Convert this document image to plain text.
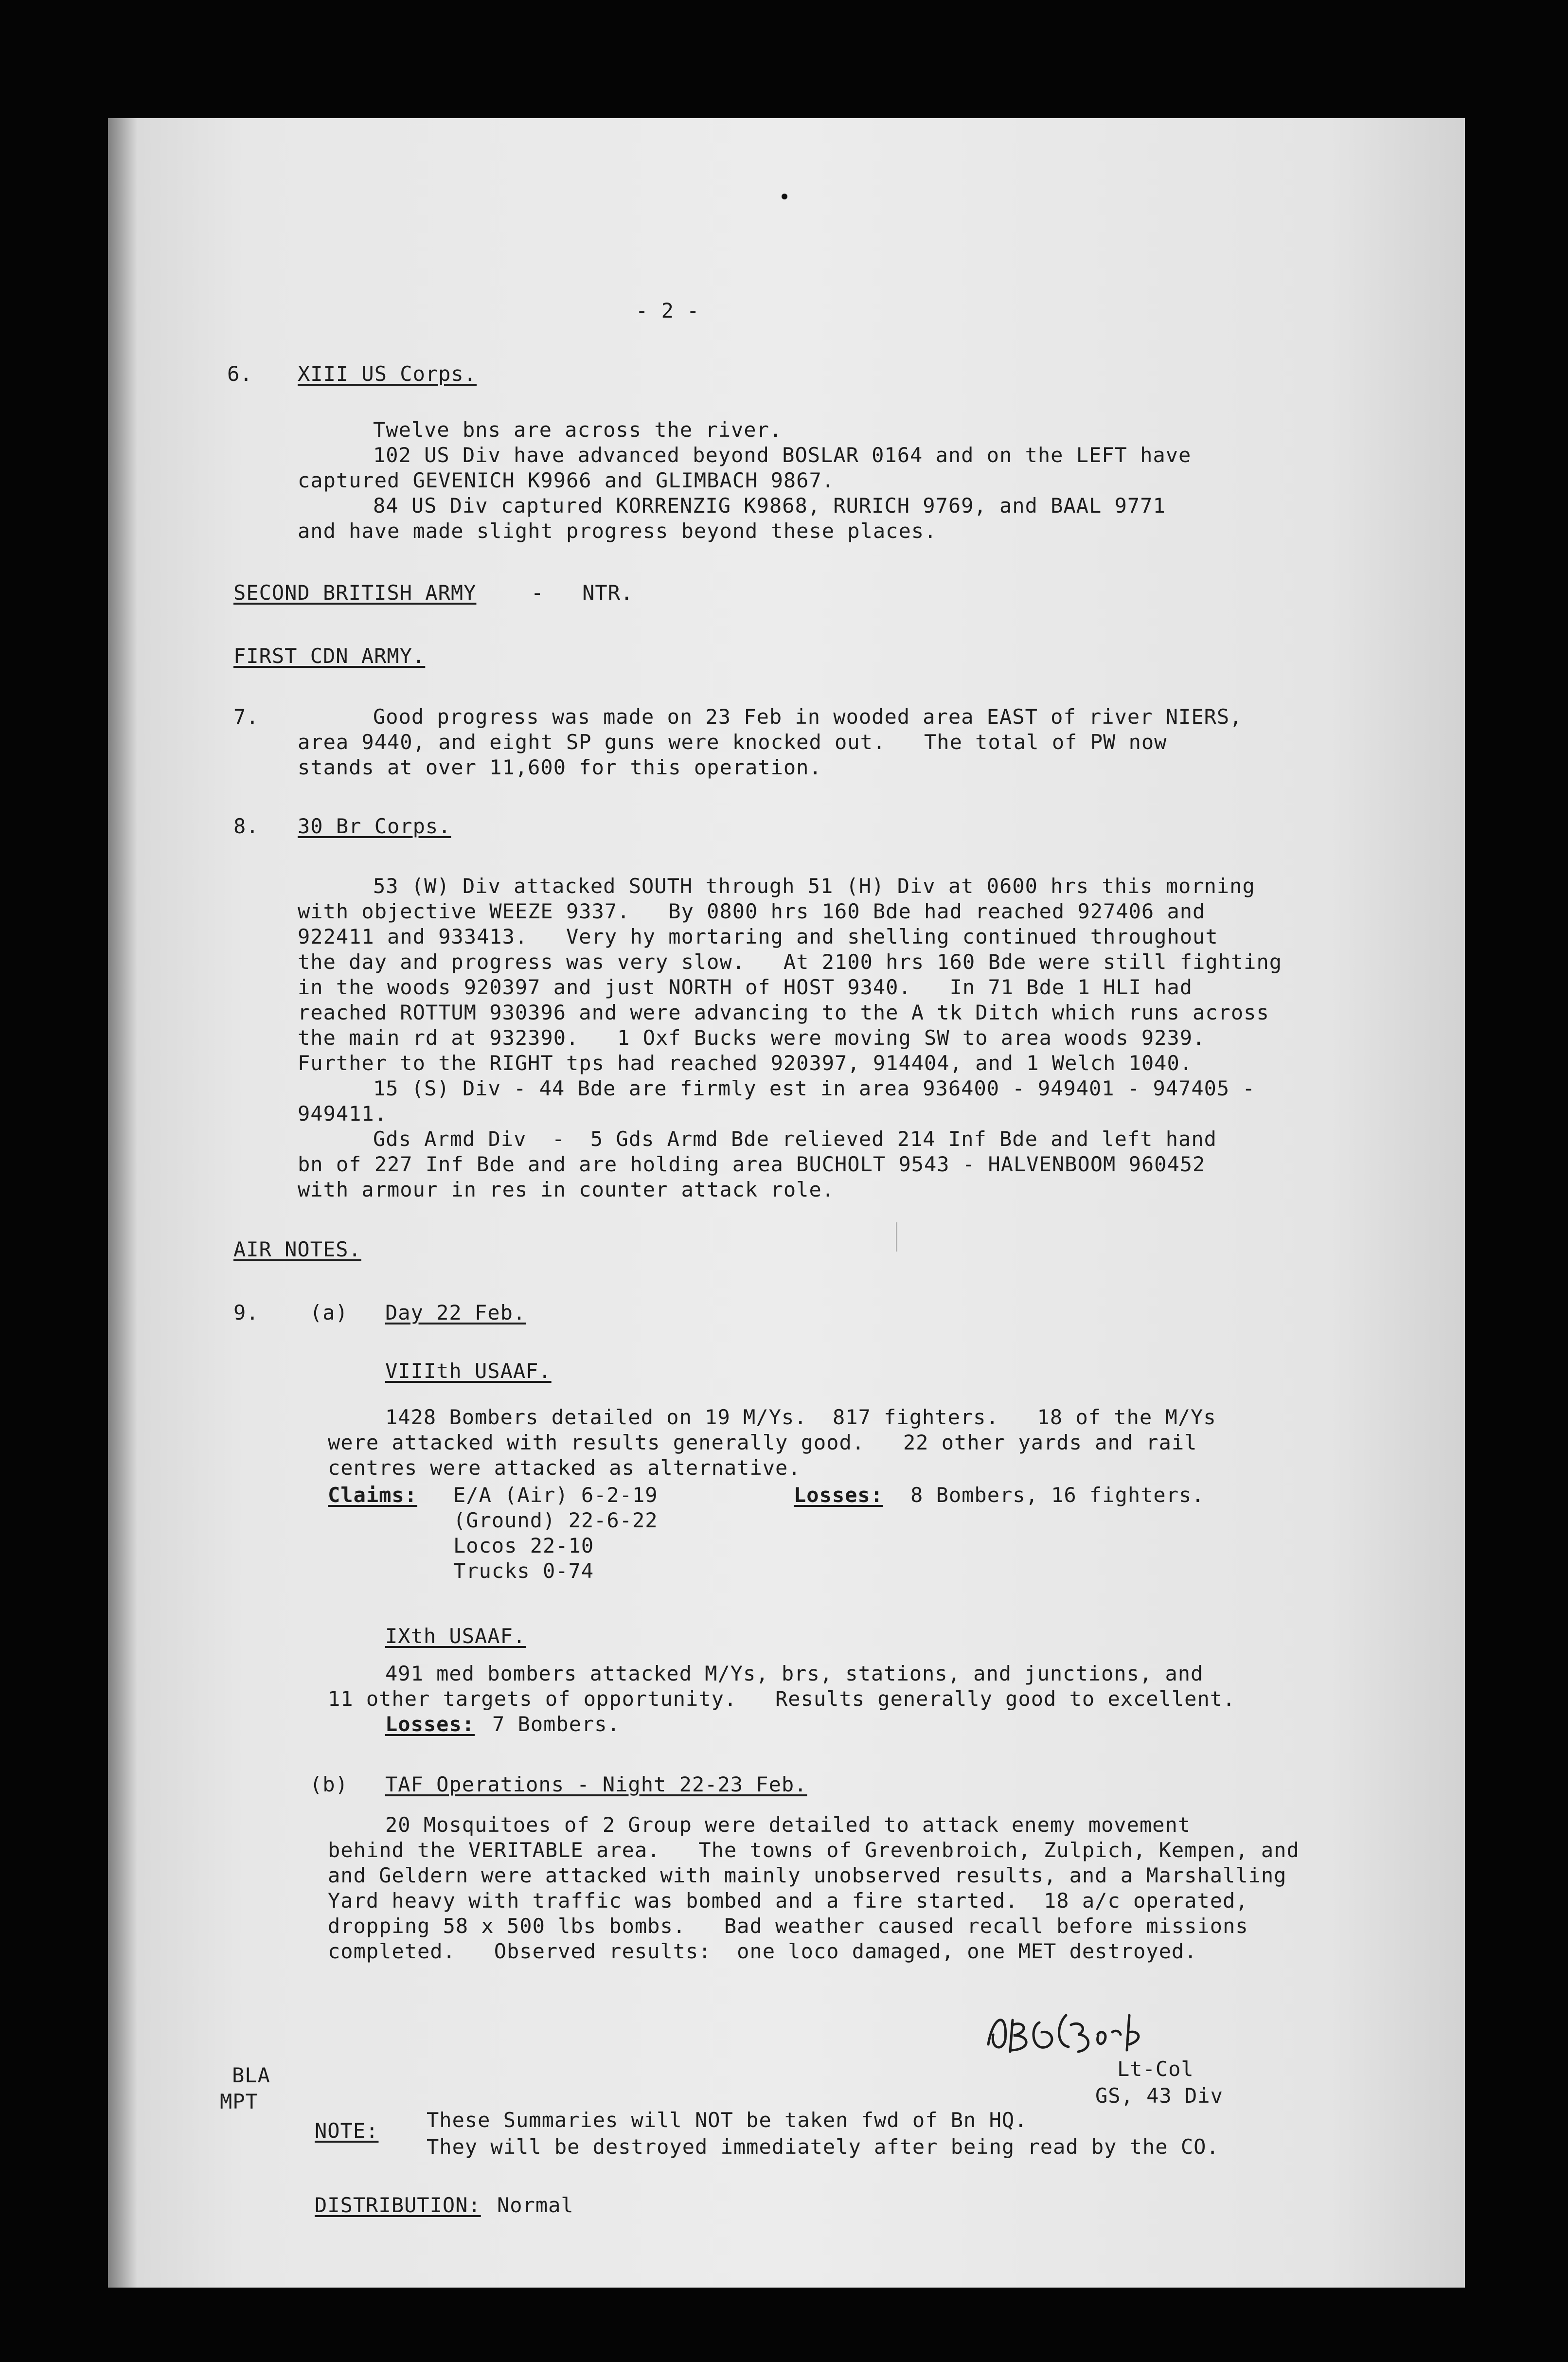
- 2 -
6. XIII US Corps.
Twelve bns are across the river.
102 US Div have advanced beyond BOSLAR 0164 and on the LEFT have
captured GEVENICH K9966 and GLIMBACH 9867.
84 US Div captured KORRENZIG K9868, RURICH 9769, and BAAL 9771
and have made slight progress beyond these places.
SECOND BRITISH ARMY	-   NTR.
FIRST CDN ARMY.
7.	Good progress was made on 23 Feb in wooded area EAST of river NIERS,
area 9440, and eight SP guns were knocked out.   The total of PW now
stands at over 11,600 for this operation.
8. 30 Br Corps.
53 (W) Div attacked SOUTH through 51 (H) Div at 0600 hrs this morning
with objective WEEZE 9337.   By 0800 hrs 160 Bde had reached 927406 and
922411 and 933413.   Very hy mortaring and shelling continued throughout
the day and progress was very slow.   At 2100 hrs 160 Bde were still fighting
in the woods 920397 and just NORTH of HOST 9340.   In 71 Bde 1 HLI had
reached ROTTUM 930396 and were advancing to the A tk Ditch which runs across
the main rd at 932390.   1 Oxf Bucks were moving SW to area woods 9239.
Further to the RIGHT tps had reached 920397, 914404, and 1 Welch 1040.
15 (S) Div - 44 Bde are firmly est in area 936400 - 949401 - 947405 -
949411.
Gds Armd Div  -  5 Gds Armd Bde relieved 214 Inf Bde and left hand
bn of 227 Inf Bde and are holding area BUCHOLT 9543 - HALVENBOOM 960452
with armour in res in counter attack role.
AIR NOTES.
9. (a) Day 22 Feb.
VIIIth USAAF.
1428 Bombers detailed on 19 M/Ys.  817 fighters.   18 of the M/Ys
were attacked with results generally good.   22 other yards and rail
centres were attacked as alternative.
Claims: E/A (Air) 6-2-19
(Ground) 22-6-22
Locos 22-10
Trucks 0-74
Losses: 8 Bombers, 16 fighters.
IXth USAAF.
491 med bombers attacked M/Ys, brs, stations, and junctions, and
11 other targets of opportunity.   Results generally good to excellent.
Losses: 7 Bombers.
(b) TAF Operations - Night 22-23 Feb.
20 Mosquitoes of 2 Group were detailed to attack enemy movement
behind the VERITABLE area.   The towns of Grevenbroich, Zulpich, Kempen, and
and Geldern were attacked with mainly unobserved results, and a Marshalling
Yard heavy with traffic was bombed and a fire started.  18 a/c operated,
dropping 58 x 500 lbs bombs.   Bad weather caused recall before missions
completed.   Observed results:  one loco damaged, one MET destroyed.
Lt-Col
GS, 43 Div
BLA
MPT
NOTE: These Summaries will NOT be taken fwd of Bn HQ.
They will be destroyed immediately after being read by the CO.
DISTRIBUTION: Normal
